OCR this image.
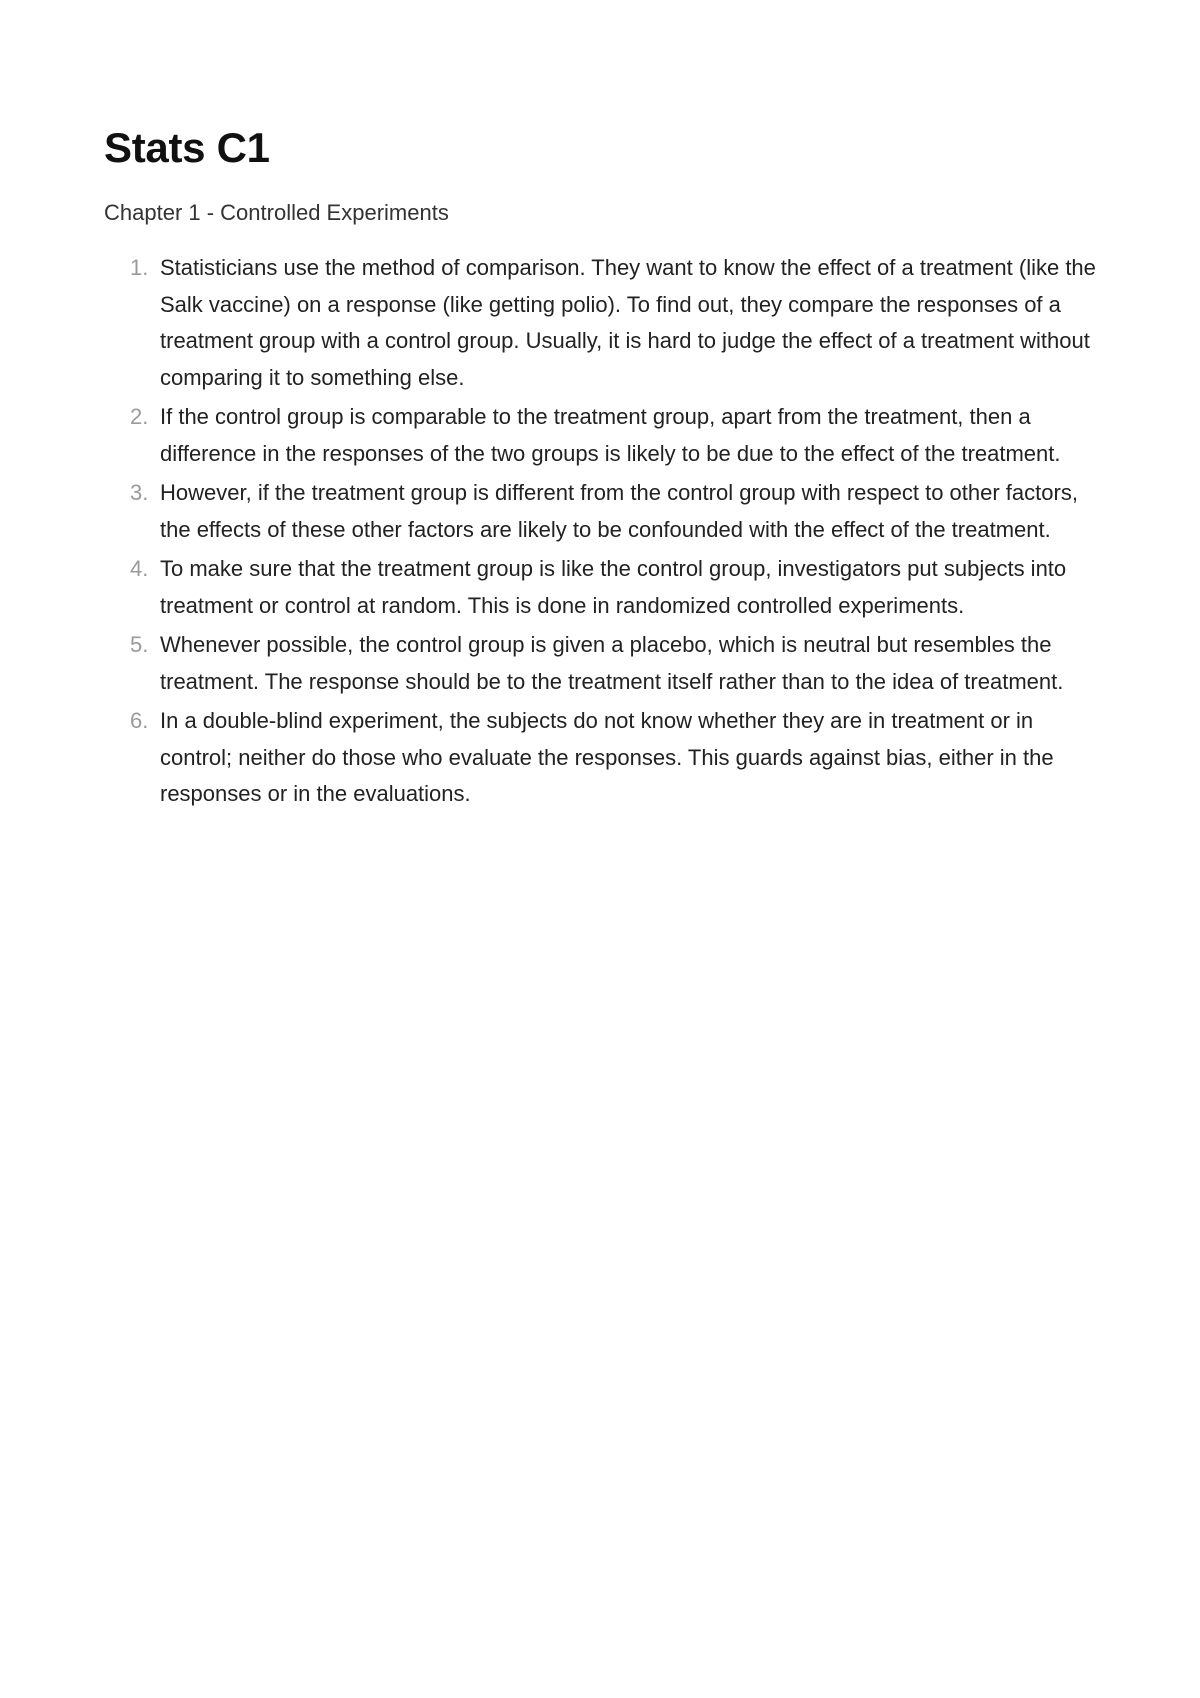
Stats C1
Chapter 1 - Controlled Experiments
1. Statisticians use the method of comparison. They want to know the effect of a treatment (like the Salk vaccine) on a response (like getting polio). To find out, they compare the responses of a treatment group with a control group. Usually, it is hard to judge the effect of a treatment without comparing it to something else.
2. If the control group is comparable to the treatment group, apart from the treatment, then a difference in the responses of the two groups is likely to be due to the effect of the treatment.
3. However, if the treatment group is different from the control group with respect to other factors, the effects of these other factors are likely to be confounded with the effect of the treatment.
4. To make sure that the treatment group is like the control group, investigators put subjects into treatment or control at random. This is done in randomized controlled experiments.
5. Whenever possible, the control group is given a placebo, which is neutral but resembles the treatment. The response should be to the treatment itself rather than to the idea of treatment.
6. In a double-blind experiment, the subjects do not know whether they are in treatment or in control; neither do those who evaluate the responses. This guards against bias, either in the responses or in the evaluations.
